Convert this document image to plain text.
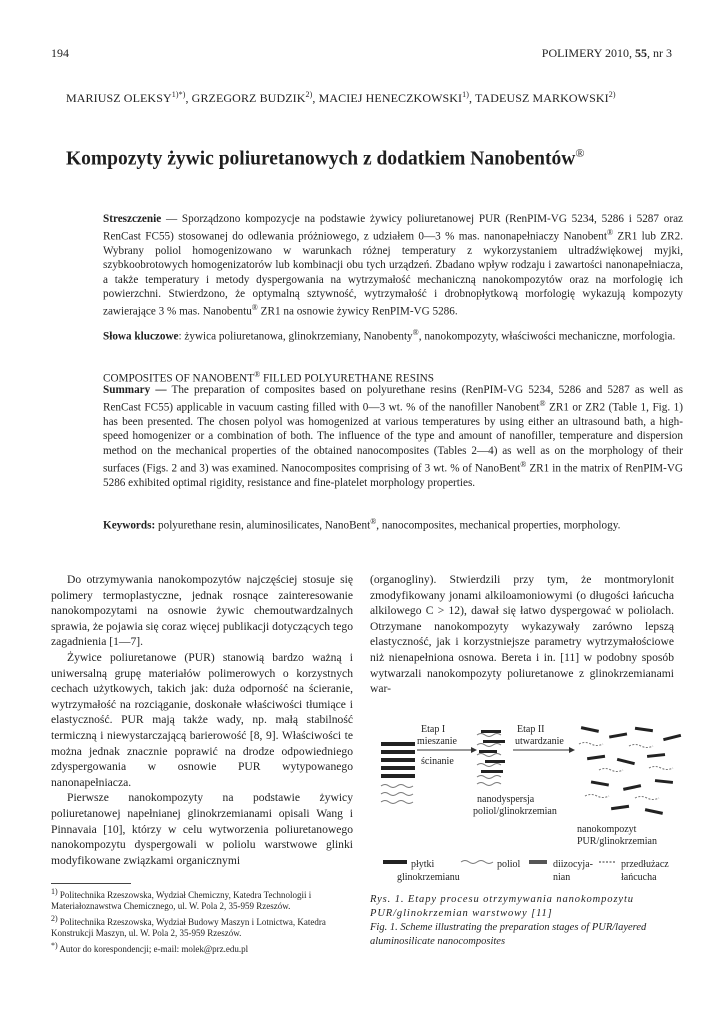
194	POLIMERY 2010, 55, nr 3
MARIUSZ $OLEKSY^{1)*)}$, GRZEGORZ BUDZIK$^{2)}$, MACIEJ HENECZKOWSKI$^{1)}$, TADEUSZ MARKOWSKI$^{2)}$
Kompozyty żywic poliuretanowych z dodatkiem Nanobentów®
Streszczenie — Sporządzono kompozycje na podstawie żywicy poliuretanowej PUR (RenPIM-VG 5234, 5286 i 5287 oraz RenCast FC55) stosowanej do odlewania próżniowego, z udziałem 0—3 % mas. nanonapełniaczy Nanobent® ZR1 lub ZR2. Wybrany poliol homogenizowano w warunkach różnej temperatury z wykorzystaniem ultradźwiękowej myjki, szybkoobrotowych homogenizatorów lub kombinacji obu tych urządzeń. Zbadano wpływ rodzaju i zawartości nanonapełniacza, a także temperatury i metody dyspergowania na wytrzymałość mechaniczną nanokompozytów oraz na morfologię ich powierzchni. Stwierdzono, że optymalną sztywność, wytrzymałość i drobnopłytkową morfologię wykazują kompozyty zawierające 3 % mas. Nanobentu® ZR1 na osnowie żywicy RenPIM-VG 5286.
Słowa kluczowe: żywica poliuretanowa, glinokrzemiany, Nanobenty®, nanokompozyty, właściwości mechaniczne, morfologia.
COMPOSITES OF NANOBENT® FILLED POLYURETHANE RESINS
Summary — The preparation of composites based on polyurethane resins (RenPIM-VG 5234, 5286 and 5287 as well as RenCast FC55) applicable in vacuum casting filled with 0—3 wt. % of the nanofiller Nanobent® ZR1 or ZR2 (Table 1, Fig. 1) has been presented. The chosen polyol was homogenized at various temperatures by using either an ultrasound bath, a high-speed homogenizer or a combination of both. The influence of the type and amount of nanofiller, temperature and dispersion method on the mechanical properties of the obtained nanocomposites (Tables 2—4) as well as on the morphology of their surfaces (Figs. 2 and 3) was examined. Nanocomposites comprising of 3 wt. % of NanoBent® ZR1 in the matrix of RenPIM-VG 5286 exhibited optimal rigidity, resistance and fine-platelet morphology properties.
Keywords: polyurethane resin, aluminosilicates, NanoBent®, nanocomposites, mechanical properties, morphology.

Do otrzymywania nanokompozytów najczęściej stosuje się polimery termoplastyczne, jednak rosnące zainteresowanie nanokompozytami na osnowie żywic chemoutwardzalnych sprawia, że pojawia się coraz więcej publikacji dotyczących tego zagadnienia [1—7].

Żywice poliuretanowe (PUR) stanowią bardzo ważną i uniwersalną grupę materiałów polimerowych o korzystnych cechach użytkowych, takich jak: duża odporność na ścieranie, wytrzymałość na rozciąganie, doskonałe właściwości tłumiące i elastyczność. PUR mają także wady, np. małą stabilność termiczną i niewystarczającą barierowość [8, 9]. Właściwości te można jednak znacznie poprawić na drodze odpowiedniego zdyspergowania w osnowie PUR wytypowanego nanonapełniacza.

Pierwsze nanokompozyty na podstawie żywicy poliuretanowej napełnianej glinokrzemianami opisali Wang i Pinnavaia [10], którzy w celu wytworzenia poliuretanowego nanokompozytu dyspergowali w poliolu warstwowe glinki modyfikowane związkami organicznymi

(organogliny). Stwierdzili przy tym, że montmorylonit zmodyfikowany jonami alkiloamoniowymi (o długości łańcucha alkilowego C > 12), dawał się łatwo dyspergować w poliolach. Otrzymane nanokompozyty wykazywały zarówno lepszą elastyczność, jak i korzystniejsze parametry wytrzymałościowe niż nienapełniona osnowa. Bereta i in. [11] w podobny sposób wytwarzali nanokompozyty poliuretanowe z glinokrzemianami war-

$^{1)}$ Politechnika Rzeszowska, Wydział Chemiczny, Katedra Technologii i Materiałoznawstwa Chemicznego, ul. W. Pola 2, 35-959 Rzeszów.

$^{2)}$ Politechnika Rzeszowska, Wydział Budowy Maszyn i Lotnictwa, Katedra Konstrukcji Maszyn, ul. W. Pola 2, 35-959 Rzeszów.

*) Autor do korespondencji; e-mail: molek@prz.edu.pl

Etap I
mieszanie
ścinanie
Etap II
utwardzanie
nanodyspersja
poliol/glinokrzemian
nanokompozyt
PUR/glinokrzemian
płytki
glinokrzemianu
poliol	diizocyja-
nian
przedłużacz
łańcucha

Rys. 1. Etapy procesu otrzymywania nanokompozytu PUR/glinokrzemian warstwowy [11]

Fig. 1. Scheme illustrating the preparation stages of PUR/layered aluminosilicate nanocomposites
